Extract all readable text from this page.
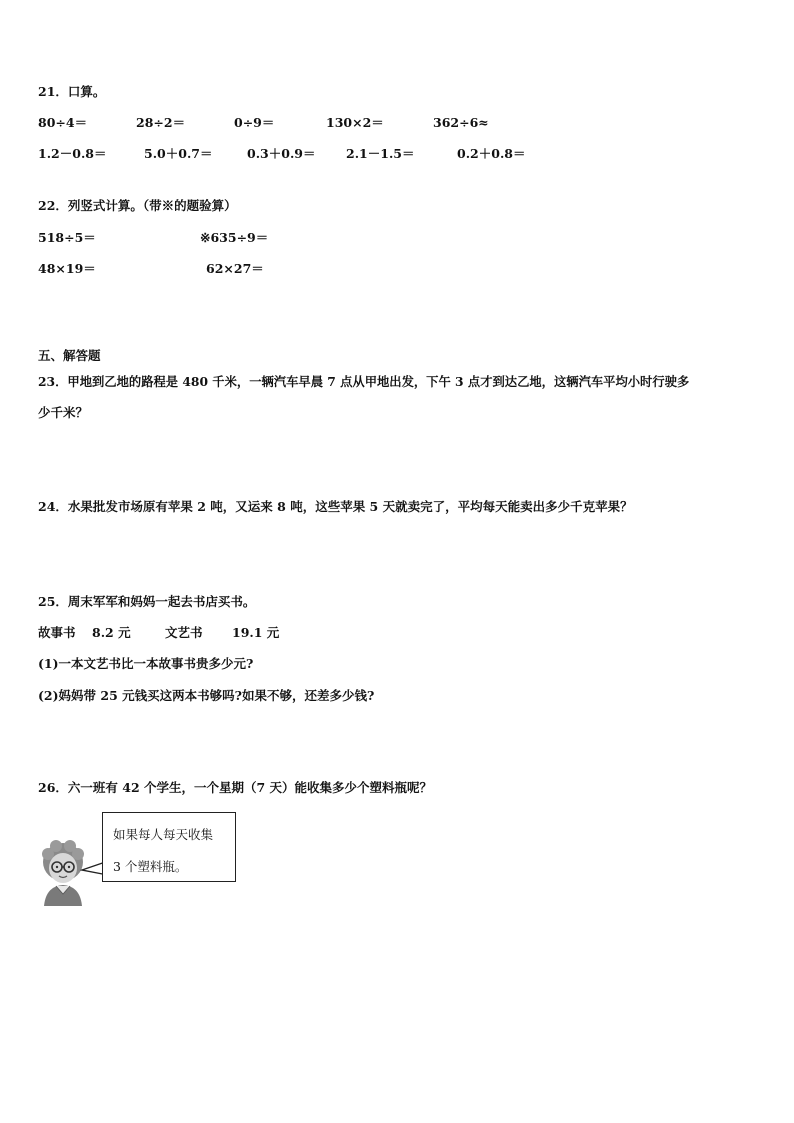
21．口算。
80÷4＝	28÷2＝	0÷9＝	130×2＝	362÷6≈
1.2－0.8＝	5.0＋0.7＝	0.3＋0.9＝ 2.1－1.5＝	0.2＋0.8＝
22．列竖式计算。（带※的题验算）
518÷5＝	※635÷9＝
48×19＝	62×27＝
五、解答题
23．甲地到乙地的路程是 480 千米，一辆汽车早晨 7 点从甲地出发，下午 3 点才到达乙地，这辆汽车平均小时行驶多
少千米？
24．水果批发市场原有苹果 2 吨，又运来 8 吨，这些苹果 5 天就卖完了，平均每天能卖出多少千克苹果？
25．周末军军和妈妈一起去书店买书。
故事书 8.2 元	文艺书 19.1 元
(1)一本文艺书比一本故事书贵多少元?
(2)妈妈带 25 元钱买这两本书够吗?如果不够，还差多少钱?
26．六一班有 42 个学生，一个星期（7 天）能收集多少个塑料瓶呢？
如果每人每天收集
3 个塑料瓶。
